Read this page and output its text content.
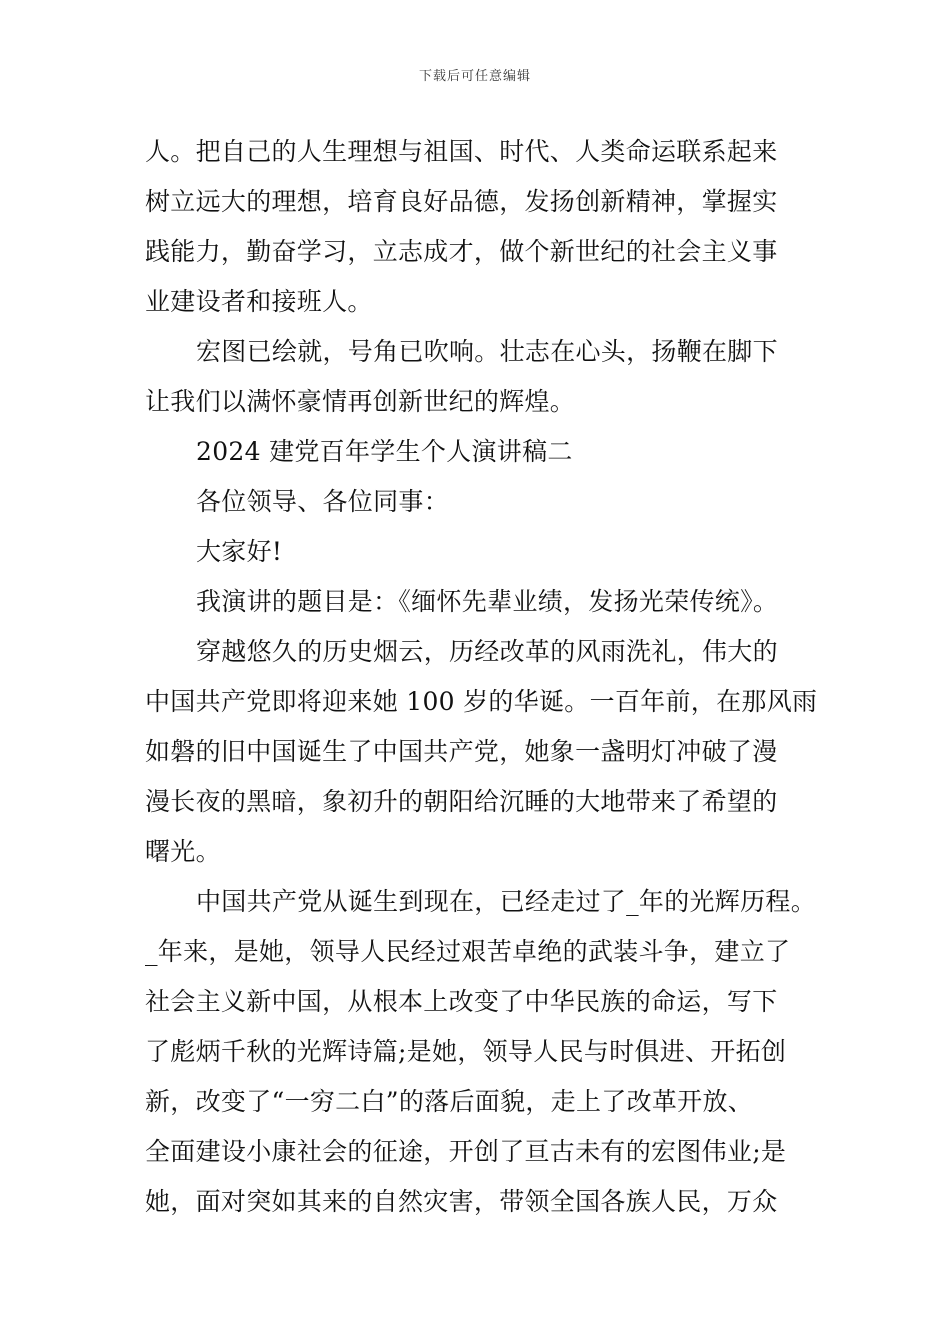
下载后可任意编辑
人。把自己的人生理想与祖国、时代、人类命运联系起来
树立远大的理想，培育良好品德，发扬创新精神，掌握实
践能力，勤奋学习，立志成才，做个新世纪的社会主义事
业建设者和接班人。
宏图已绘就，号角已吹响。壮志在心头，扬鞭在脚下
让我们以满怀豪情再创新世纪的辉煌。
2024 建党百年学生个人演讲稿二
各位领导、各位同事：
大家好!
我演讲的题目是：《缅怀先辈业绩，发扬光荣传统》。
穿越悠久的历史烟云，历经改革的风雨洗礼，伟大的
中国共产党即将迎来她 100 岁的华诞。一百年前，在那风雨
如磐的旧中国诞生了中国共产党，她象一盏明灯冲破了漫
漫长夜的黑暗，象初升的朝阳给沉睡的大地带来了希望的
曙光。
中国共产党从诞生到现在，已经走过了_年的光辉历程。
_年来，是她，领导人民经过艰苦卓绝的武装斗争，建立了
社会主义新中国，从根本上改变了中华民族的命运，写下
了彪炳千秋的光辉诗篇;是她，领导人民与时俱进、开拓创
新，改变了“一穷二白”的落后面貌，走上了改革开放、
全面建设小康社会的征途，开创了亘古未有的宏图伟业;是
她，面对突如其来的自然灾害，带领全国各族人民，万众
